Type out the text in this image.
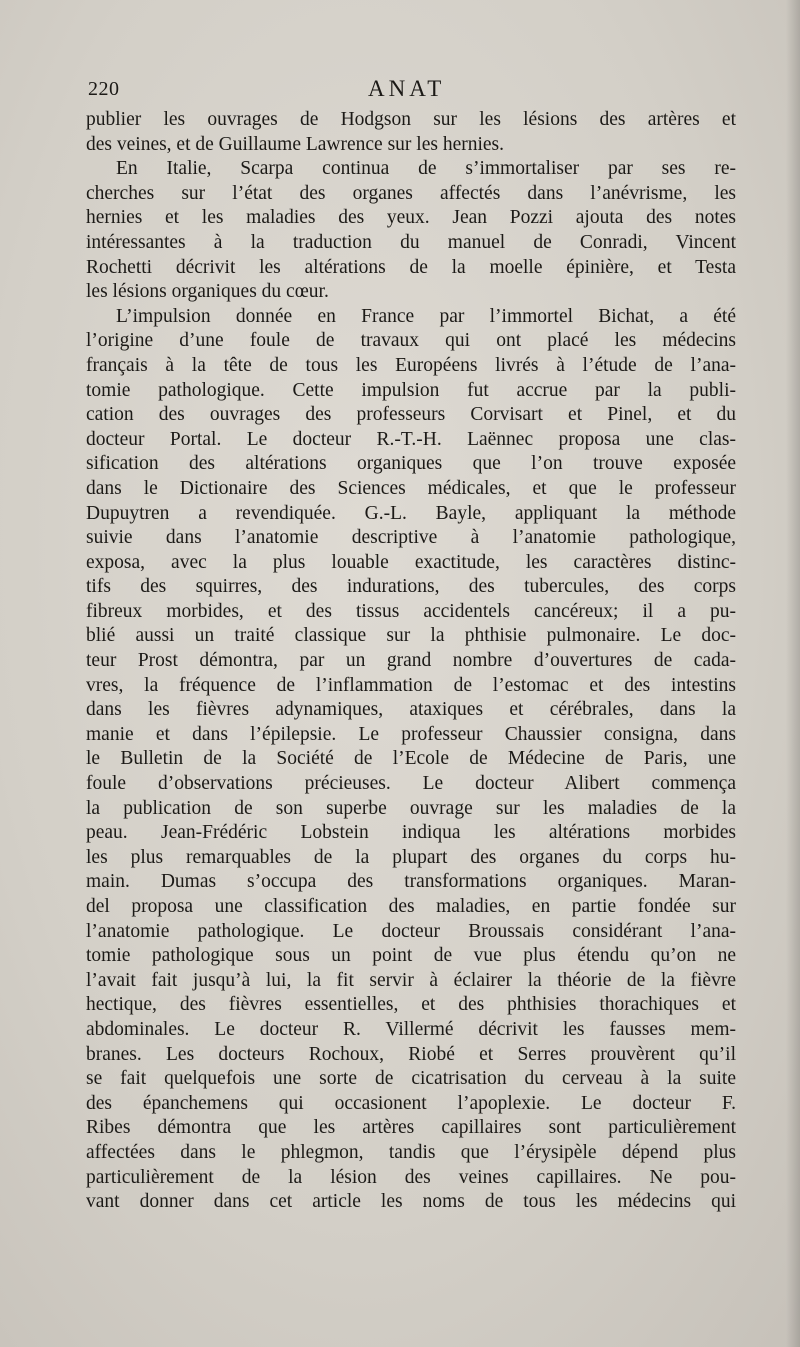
220	ANAT
publier les ouvrages de Hodgson sur les lésions des artères et
des veines, et de Guillaume Lawrence sur les hernies.
En Italie, Scarpa continua de s’immortaliser par ses re-
cherches sur l’état des organes affectés dans l’anévrisme, les
hernies et les maladies des yeux. Jean Pozzi ajouta des notes
intéressantes à la traduction du manuel de Conradi, Vincent
Rochetti décrivit les altérations de la moelle épinière, et Testa
les lésions organiques du cœur.
L’impulsion donnée en France par l’immortel Bichat, a été
l’origine d’une foule de travaux qui ont placé les médecins
français à la tête de tous les Européens livrés à l’étude de l’ana-
tomie pathologique. Cette impulsion fut accrue par la publi-
cation des ouvrages des professeurs Corvisart et Pinel, et du
docteur Portal. Le docteur R.-T.-H. Laënnec proposa une clas-
sification des altérations organiques que l’on trouve exposée
dans le Dictionaire des Sciences médicales, et que le professeur
Dupuytren a revendiquée. G.-L. Bayle, appliquant la méthode
suivie dans l’anatomie descriptive à l’anatomie pathologique,
exposa, avec la plus louable exactitude, les caractères distinc-
tifs des squirres, des indurations, des tubercules, des corps
fibreux morbides, et des tissus accidentels cancéreux; il a pu-
blié aussi un traité classique sur la phthisie pulmonaire. Le doc-
teur Prost démontra, par un grand nombre d’ouvertures de cada-
vres, la fréquence de l’inflammation de l’estomac et des intestins
dans les fièvres adynamiques, ataxiques et cérébrales, dans la
manie et dans l’épilepsie. Le professeur Chaussier consigna, dans
le Bulletin de la Société de l’Ecole de Médecine de Paris, une
foule d’observations précieuses. Le docteur Alibert commença
la publication de son superbe ouvrage sur les maladies de la
peau. Jean-Frédéric Lobstein indiqua les altérations morbides
les plus remarquables de la plupart des organes du corps hu-
main. Dumas s’occupa des transformations organiques. Maran-
del proposa une classification des maladies, en partie fondée sur
l’anatomie pathologique. Le docteur Broussais considérant l’ana-
tomie pathologique sous un point de vue plus étendu qu’on ne
l’avait fait jusqu’à lui, la fit servir à éclairer la théorie de la fièvre
hectique, des fièvres essentielles, et des phthisies thorachiques et
abdominales. Le docteur R. Villermé décrivit les fausses mem-
branes. Les docteurs Rochoux, Riobé et Serres prouvèrent qu’il
se fait quelquefois une sorte de cicatrisation du cerveau à la suite
des épanchemens qui occasionent l’apoplexie. Le docteur F.
Ribes démontra que les artères capillaires sont particulièrement
affectées dans le phlegmon, tandis que l’érysipèle dépend plus
particulièrement de la lésion des veines capillaires. Ne pou-
vant donner dans cet article les noms de tous les médecins qui
